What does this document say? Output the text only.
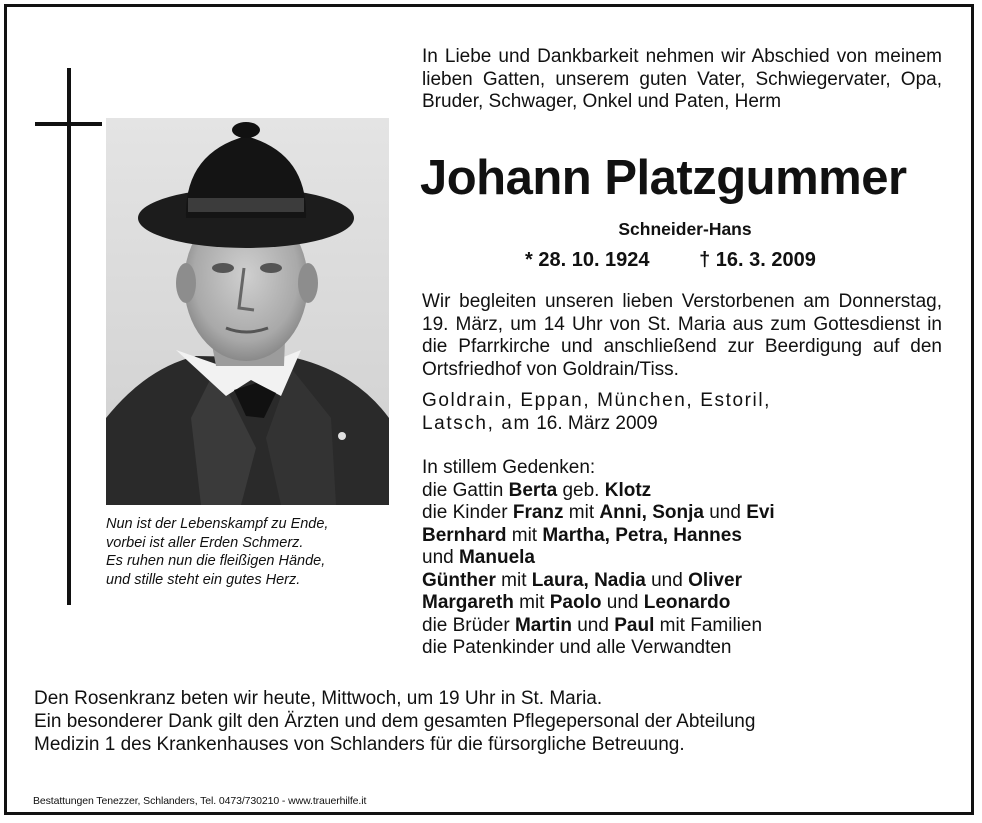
Nun ist der Lebenskampf zu Ende,
vorbei ist aller Erden Schmerz.
Es ruhen nun die fleißigen Hände,
und stille steht ein gutes Herz.
In Liebe und Dankbarkeit nehmen wir Abschied von meinem lieben Gatten, unserem guten Vater, Schwiegervater, Opa, Bruder, Schwager, Onkel und Paten, Herm
Johann Platzgummer
Schneider-Hans
* 28. 10. 1924 † 16. 3. 2009
Wir begleiten unseren lieben Verstorbenen am Donnerstag, 19. März, um 14 Uhr von St. Maria aus zum Gottesdienst in die Pfarrkirche und anschließend zur Beerdigung auf den Ortsfriedhof von Goldrain/Tiss.
Goldrain, Eppan, München, Estoril,
Latsch, am 16. März 2009
In stillem Gedenken:
die Gattin Berta geb. Klotz
die Kinder Franz mit Anni, Sonja und Evi
Bernhard mit Martha, Petra, Hannes
und Manuela
Günther mit Laura, Nadia und Oliver
Margareth mit Paolo und Leonardo
die Brüder Martin und Paul mit Familien
die Patenkinder und alle Verwandten
Den Rosenkranz beten wir heute, Mittwoch, um 19 Uhr in St. Maria.
Ein besonderer Dank gilt den Ärzten und dem gesamten Pflegepersonal der Abteilung
Medizin 1 des Krankenhauses von Schlanders für die fürsorgliche Betreuung.
Bestattungen Tenezzer, Schlanders, Tel. 0473/730210 - www.trauerhilfe.it
